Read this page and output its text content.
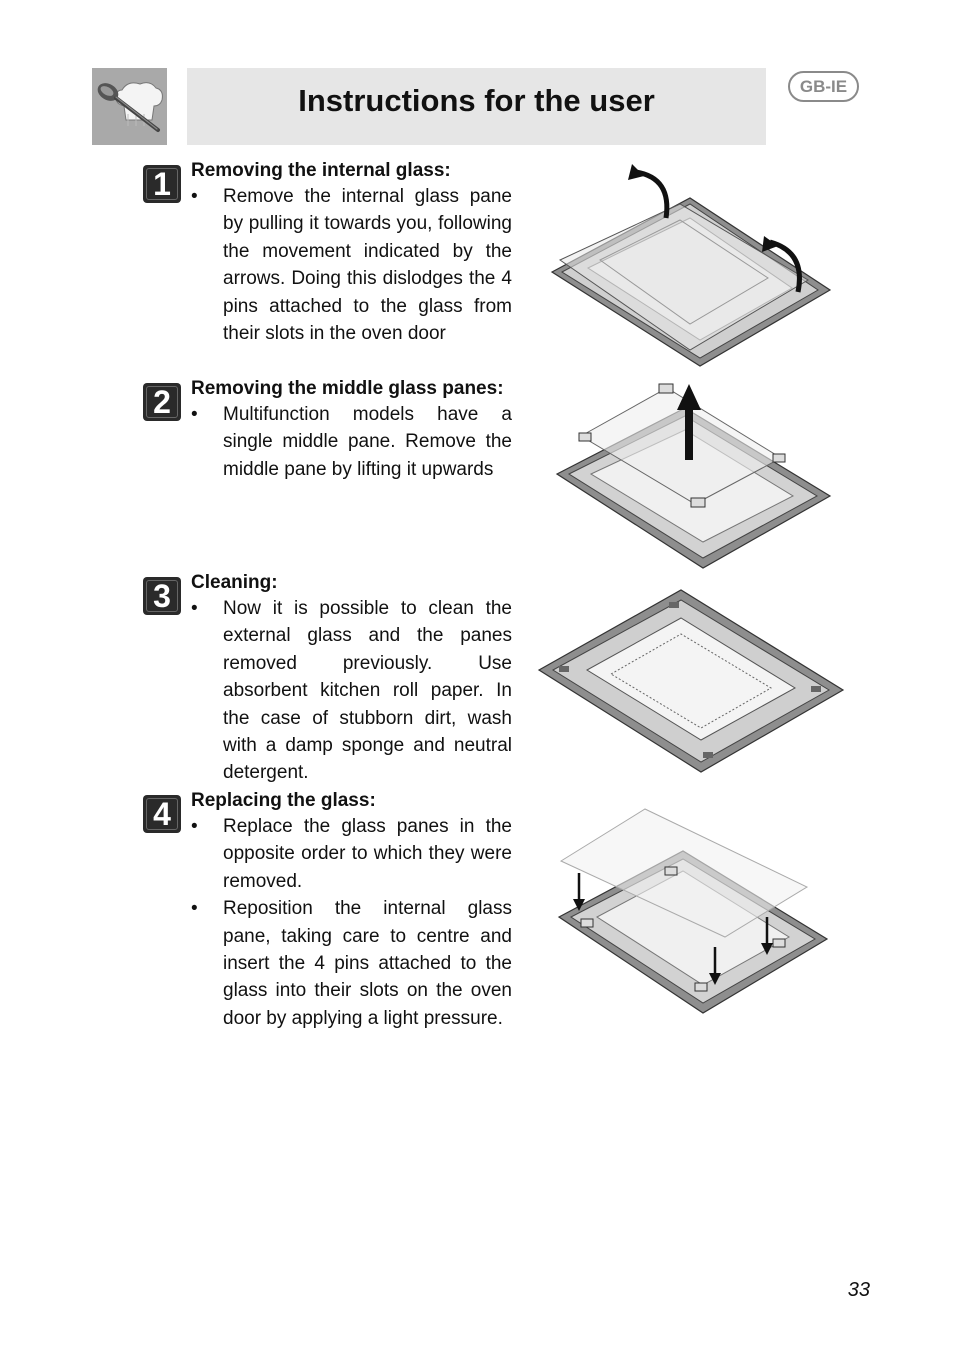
Instructions for the user	GB-IE
1	Removing the internal glass:
• Remove the internal glass pane by pulling it towards you, following the movement indicated by the arrows. Doing this dislodges the 4 pins attached to the glass from their slots in the oven door
2	Removing the middle glass panes:
• Multifunction models have a single middle pane. Remove the middle pane by lifting it upwards
3	Cleaning:
• Now it is possible to clean the external glass and the panes removed previously. Use absorbent kitchen roll paper. In the case of stubborn dirt, wash with a damp sponge and neutral detergent.
4	Replacing the glass:
• Replace the glass panes in the opposite order to which they were removed.
• Reposition the internal glass pane, taking care to centre and insert the 4 pins attached to the glass into their slots on the oven door by applying a light pressure.
33
